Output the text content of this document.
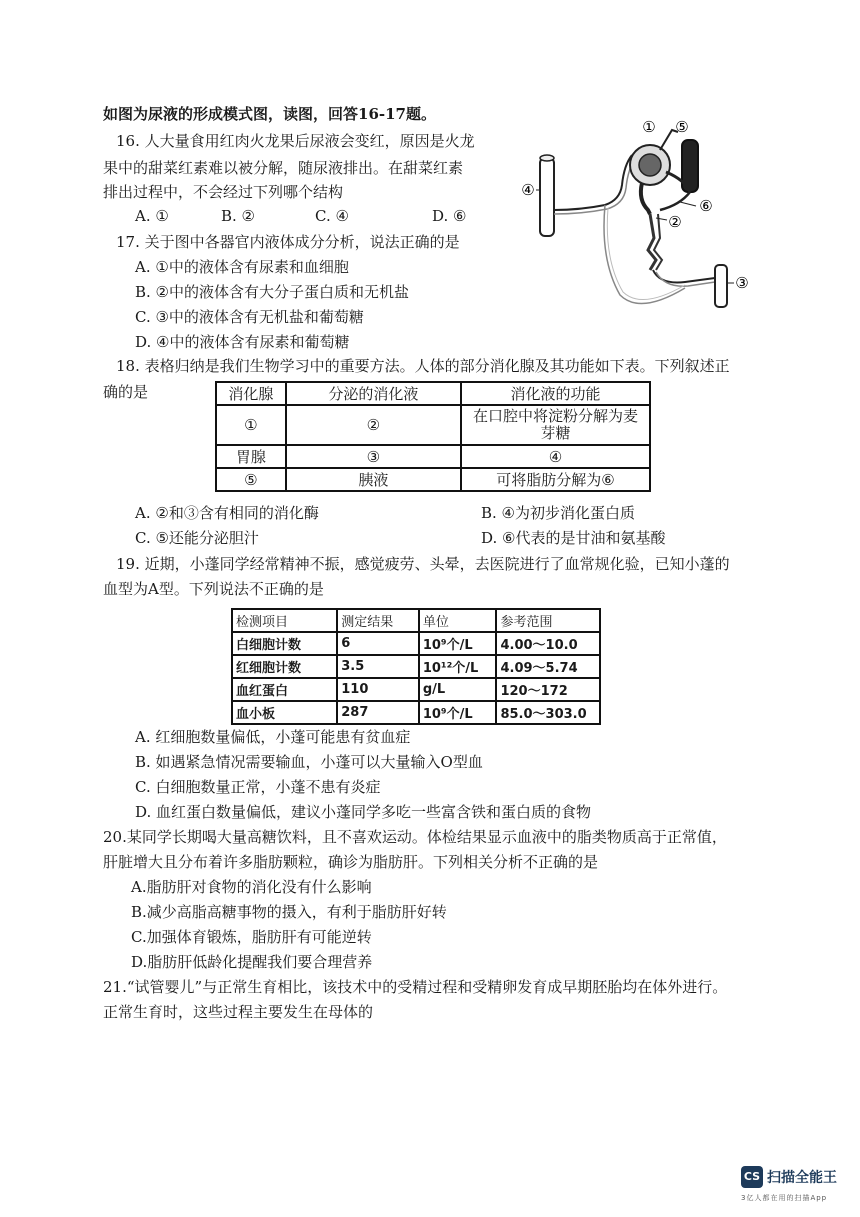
如图为尿液的形成模式图，读图，回答16-17题。
16. 人大量食用红肉火龙果后尿液会变红，原因是火龙
果中的甜菜红素难以被分解，随尿液排出。在甜菜红素
排出过程中，不会经过下列哪个结构
A. ①	B. ②	C. ④	D. ⑥
17. 关于图中各器官内液体成分分析，说法正确的是
A. ①中的液体含有尿素和血细胞
B. ②中的液体含有大分子蛋白质和无机盐
C. ③中的液体含有无机盐和葡萄糖
D. ④中的液体含有尿素和葡萄糖
① ⑤
④
⑥
②
③
18. 表格归纳是我们生物学习中的重要方法。人体的部分消化腺及其功能如下表。下列叙述正
确的是	消化腺	分泌的消化液	消化液的功能
①	②	在口腔中将淀粉分解为麦芽糖
胃腺	③	④
⑤	胰液	可将脂肪分解为⑥
A. ②和③含有相同的消化酶	B. ④为初步消化蛋白质
C. ⑤还能分泌胆汁	D. ⑥代表的是甘油和氨基酸
19. 近期，小蓬同学经常精神不振，感觉疲劳、头晕，去医院进行了血常规化验，已知小蓬的
血型为A型。下列说法不正确的是
检测项目	测定结果	单位	参考范围
白细胞计数	6	10⁹个/L	4.00～10.0
红细胞计数	3.5	10¹²个/L	4.09～5.74
血红蛋白	110	g/L	120～172
血小板	287	10⁹个/L	85.0～303.0
A. 红细胞数量偏低，小蓬可能患有贫血症
B. 如遇紧急情况需要输血，小蓬可以大量输入O型血
C. 白细胞数量正常，小蓬不患有炎症
D. 血红蛋白数量偏低，建议小蓬同学多吃一些富含铁和蛋白质的食物
20.某同学长期喝大量高糖饮料，且不喜欢运动。体检结果显示血液中的脂类物质高于正常值，
肝脏增大且分布着许多脂肪颗粒，确诊为脂肪肝。下列相关分析不正确的是
A.脂肪肝对食物的消化没有什么影响
B.减少高脂高糖事物的摄入，有利于脂肪肝好转
C.加强体育锻炼，脂肪肝有可能逆转
D.脂肪肝低龄化提醒我们要合理营养
21.“试管婴儿”与正常生育相比，该技术中的受精过程和受精卵发育成早期胚胎均在体外进行。
正常生育时，这些过程主要发生在母体的
CS 扫描全能王
3亿人都在用的扫描App
